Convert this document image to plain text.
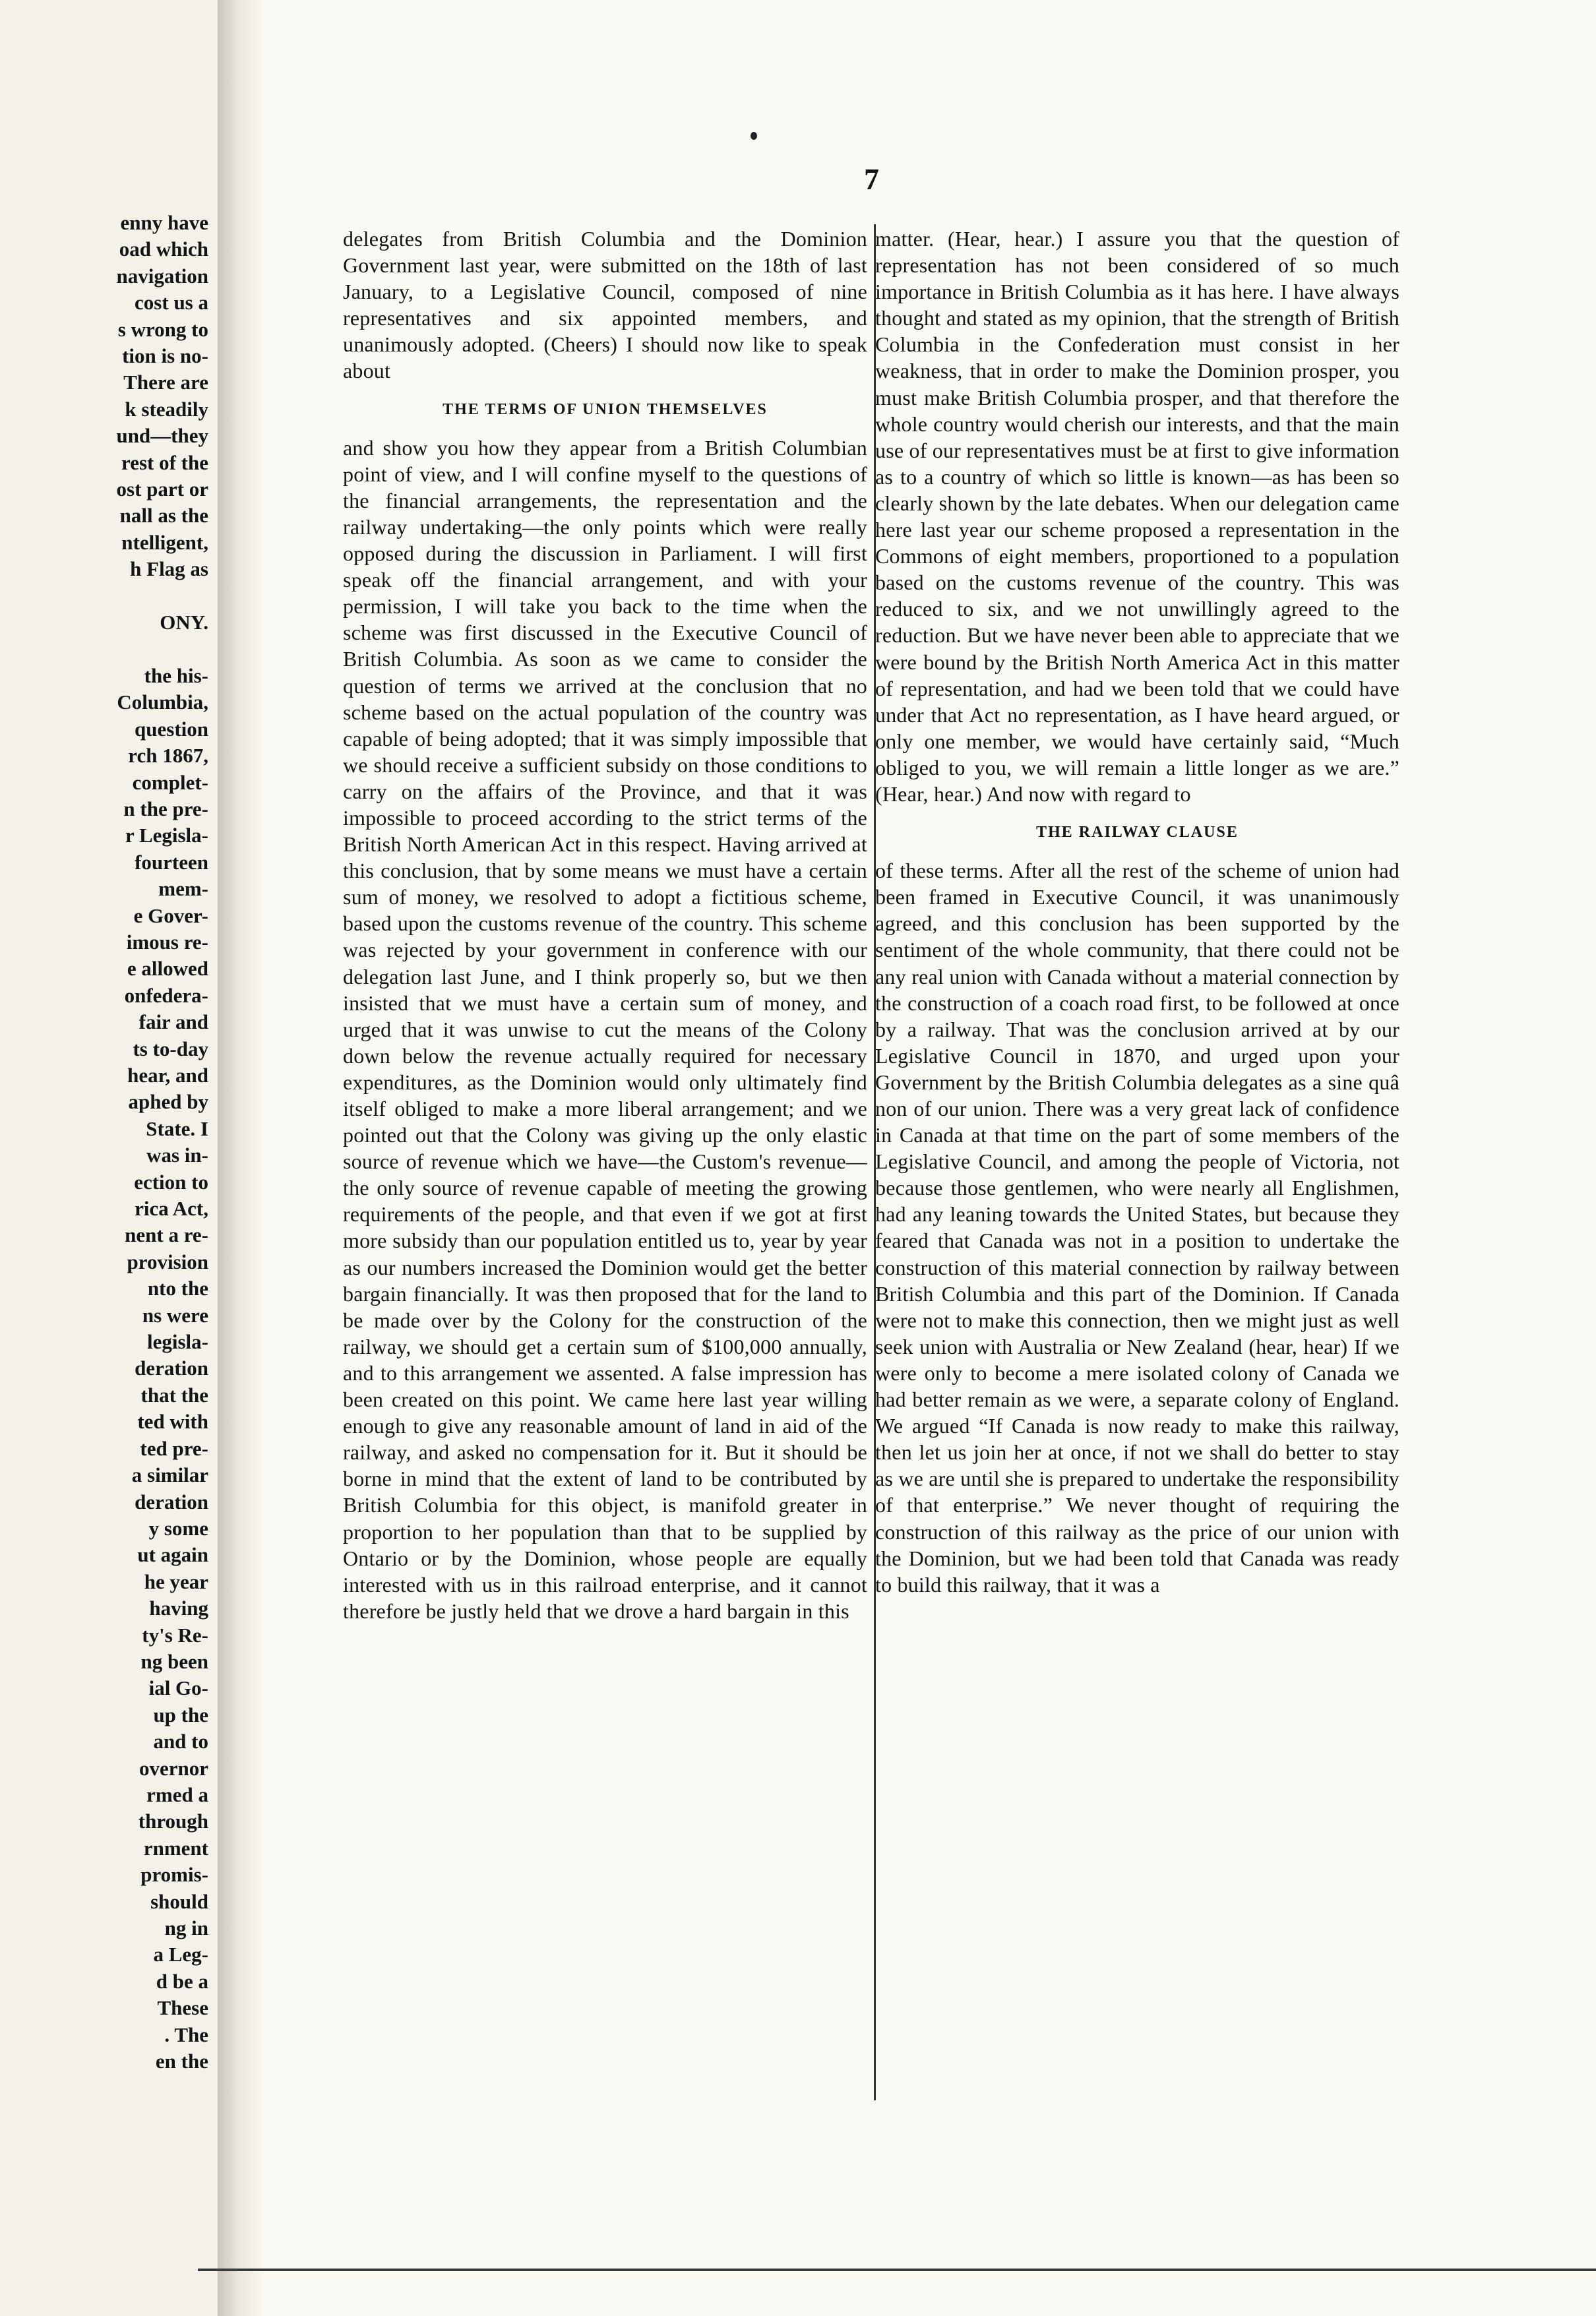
enny have
oad which
navigation
cost us a
s wrong to
tion is no-
There are
k steadily
und—they
rest of the
ost part or
nall as the
ntelligent,
h Flag as

ONY.

the his-
Columbia,
question
rch 1867,
complet-
n the pre-
r Legisla-
fourteen
mem-
e Gover-
imous re-
e allowed
onfedera-
fair and
ts to-day
hear, and
aphed by
State. I
was in-
ection to
rica Act,
nent a re-
provision
nto the
ns were
legisla-
deration
that the
ted with
ted pre-
a similar
deration
y some
ut again
he year
having
ty's Re-
ng been
ial Go-
up the
and to
overnor
rmed a
through
rnment
promis-
should
ng in
a Leg-
d be a
These
. The
en the
7

delegates from British Columbia and the Dominion Government last year, were submitted on the 18th of last January, to a Legislative Council, composed of nine representatives and six appointed members, and unanimously adopted. (Cheers) I should now like to speak about

THE TERMS OF UNION THEMSELVES

and show you how they appear from a British Columbian point of view, and I will confine myself to the questions of the financial arrangements, the representation and the railway undertaking—the only points which were really opposed during the discussion in Parliament. I will first speak off the financial arrangement, and with your permission, I will take you back to the time when the scheme was first discussed in the Executive Council of British Columbia. As soon as we came to consider the question of terms we arrived at the conclusion that no scheme based on the actual population of the country was capable of being adopted; that it was simply impossible that we should receive a sufficient subsidy on those conditions to carry on the affairs of the Province, and that it was impossible to proceed according to the strict terms of the British North American Act in this respect. Having arrived at this conclusion, that by some means we must have a certain sum of money, we resolved to adopt a fictitious scheme, based upon the customs revenue of the country. This scheme was rejected by your government in conference with our delegation last June, and I think properly so, but we then insisted that we must have a certain sum of money, and urged that it was unwise to cut the means of the Colony down below the revenue actually required for necessary expenditures, as the Dominion would only ultimately find itself obliged to make a more liberal arrangement; and we pointed out that the Colony was giving up the only elastic source of revenue which we have—the Custom's revenue—the only source of revenue capable of meeting the growing requirements of the people, and that even if we got at first more subsidy than our population entitled us to, year by year as our numbers increased the Dominion would get the better bargain financially. It was then proposed that for the land to be made over by the Colony for the construction of the railway, we should get a certain sum of $100,000 annually, and to this arrangement we assented. A false impression has been created on this point. We came here last year willing enough to give any reasonable amount of land in aid of the railway, and asked no compensation for it. But it should be borne in mind that the extent of land to be contributed by British Columbia for this object, is manifold greater in proportion to her population than that to be supplied by Ontario or by the Dominion, whose people are equally interested with us in this railroad enterprise, and it cannot therefore be justly held that we drove a hard bargain in this

matter. (Hear, hear.) I assure you that the question of representation has not been considered of so much importance in British Columbia as it has here. I have always thought and stated as my opinion, that the strength of British Columbia in the Confederation must consist in her weakness, that in order to make the Dominion prosper, you must make British Columbia prosper, and that therefore the whole country would cherish our interests, and that the main use of our representatives must be at first to give information as to a country of which so little is known—as has been so clearly shown by the late debates. When our delegation came here last year our scheme proposed a representation in the Commons of eight members, proportioned to a population based on the customs revenue of the country. This was reduced to six, and we not unwillingly agreed to the reduction. But we have never been able to appreciate that we were bound by the British North America Act in this matter of representation, and had we been told that we could have under that Act no representation, as I have heard argued, or only one member, we would have certainly said, “Much obliged to you, we will remain a little longer as we are.” (Hear, hear.) And now with regard to

THE RAILWAY CLAUSE

of these terms. After all the rest of the scheme of union had been framed in Executive Council, it was unanimously agreed, and this conclusion has been supported by the sentiment of the whole community, that there could not be any real union with Canada without a material connection by the construction of a coach road first, to be followed at once by a railway. That was the conclusion arrived at by our Legislative Council in 1870, and urged upon your Government by the British Columbia delegates as a sine quâ non of our union. There was a very great lack of confidence in Canada at that time on the part of some members of the Legislative Council, and among the people of Victoria, not because those gentlemen, who were nearly all Englishmen, had any leaning towards the United States, but because they feared that Canada was not in a position to undertake the construction of this material connection by railway between British Columbia and this part of the Dominion. If Canada were not to make this connection, then we might just as well seek union with Australia or New Zealand (hear, hear) If we were only to become a mere isolated colony of Canada we had better remain as we were, a separate colony of England. We argued “If Canada is now ready to make this railway, then let us join her at once, if not we shall do better to stay as we are until she is prepared to undertake the responsibility of that enterprise.” We never thought of requiring the construction of this railway as the price of our union with the Dominion, but we had been told that Canada was ready to build this railway, that it was a
